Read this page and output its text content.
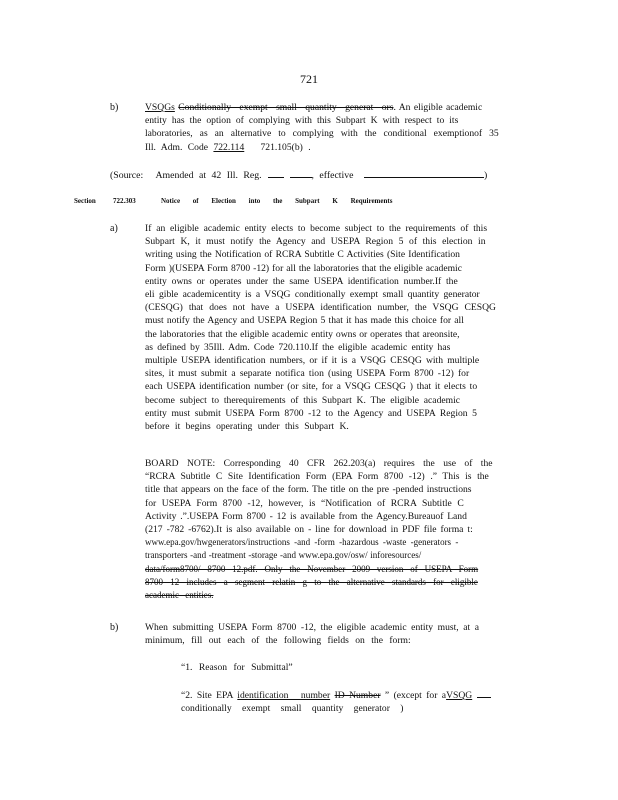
721
b)	VSQGs Conditionally exempt small quantity generat ors. An eligible academic
entity has the option of complying with this Subpart K with respect to its
laboratories, as an alternative to complying with the conditional exemptionof 35
Ill. Adm. Code 722.114 721.105(b) .
(Source: Amended at 42 Ill. Reg.	, effective	)
Section 722.303	Notice of Election into the Subpart K Requirements
a)	If an eligible academic entity elects to become subject to the requirements of this
Subpart K, it must notify the Agency and USEPA Region 5 of this election in
writing using the Notification of RCRA Subtitle C Activities (Site Identification
Form )(USEPA Form 8700 -12) for all the laboratories that the eligible academic
entity owns or operates under the same USEPA identification number.If the
eli gible academicentity is a VSQG conditionally exempt small quantity generator
(CESQG) that does not have a USEPA identification number, the VSQG CESQG
must notify the Agency and USEPA Region 5 that it has made this choice for all
the laboratories that the eligible academic entity owns or operates that areonsite,
as defined by 35Ill. Adm. Code 720.110.If the eligible academic entity has
multiple USEPA identification numbers, or if it is a VSQG CESQG with multiple
sites, it must submit a separate notifica tion (using USEPA Form 8700 -12) for
each USEPA identification number (or site, for a VSQG CESQG ) that it elects to
become subject to therequirements of this Subpart K. The eligible academic
entity must submit USEPA Form 8700 -12 to the Agency and USEPA Region 5
before it begins operating under this Subpart K.
BOARD NOTE: Corresponding 40 CFR 262.203(a) requires the use of the
“RCRA Subtitle C Site Identification Form (EPA Form 8700 -12) .” This is the
title that appears on the face of the form. The title on the pre -pended instructions
for USEPA Form 8700 -12, however, is “Notification of RCRA Subtitle C
Activity .”.USEPA Form 8700 - 12 is available from the Agency.Bureauof Land
(217 -782 -6762).It is also available on - line for download in PDF file forma t:
www.epa.gov/hwgenerators/instructions -and -form -hazardous -waste -generators -
transporters -and -treatment -storage -and www.epa.gov/osw/ inforesources/
data/form8700/ 8700 12.pdf. Only the November 2009 version of USEPA Form
8700 12 includes a segment relatin g to the alternative standards for eligible
academic entities.
b)	When submitting USEPA Form 8700 -12, the eligible academic entity must, at a
minimum, fill out each of the following fields on the form:
“1. Reason for Submittal”
“2. Site EPA identification number ID Number ” (except for aVSQG
conditionally exempt small quantity generator )
